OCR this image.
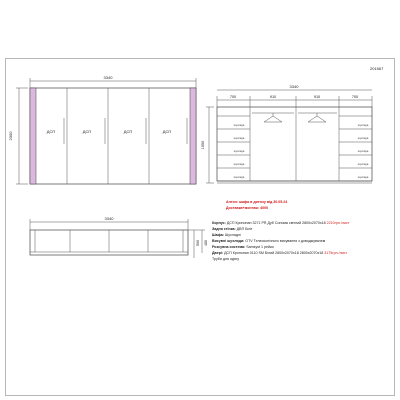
201567
3340
2000
ДСП	ДСП	ДСП	ДСП
3340
700	910	910	700
1550
шухляда	шухляда
шухляда	шухляда
шухляда	шухляда
шухляда	шухляда
шухляда	шухляда
3340
500 480
Антон: шафа в дитячу від 30.05.24
Доставка+монтаж: 4000
Корпус: ДСП Кронопан 3271 PR Дуб Сонома світлий 2800х2070х18 2210грн./лист
Задня стінка: ДВП Біле
Шафа: Шухлядні
Висувні шухляди: GTV Телескопічного висування з доводжувачем
Розсувна система: Samsyst 1 рейки
Двері: ДСП Кронопан 0110 SM Білий 2800х2070х18 2800х2070х18 3175грн./лист
Труби для одягу
